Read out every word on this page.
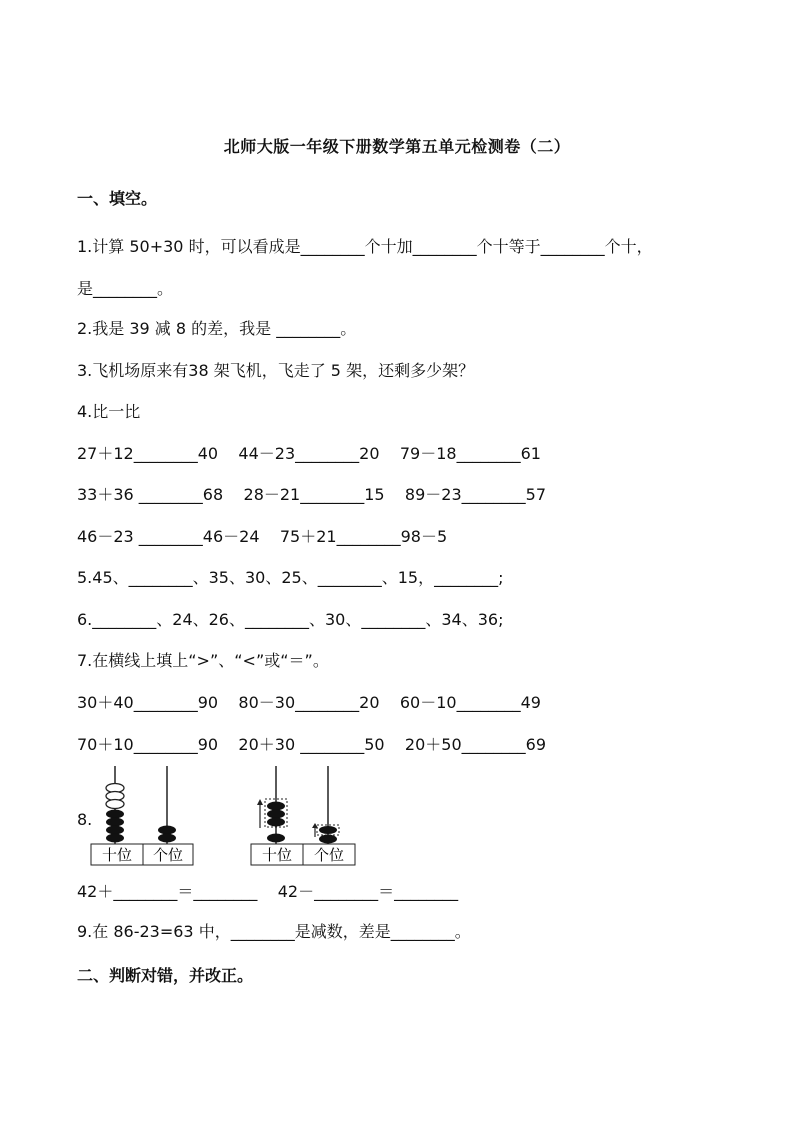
北师大版一年级下册数学第五单元检测卷（二）
一、填空。
1.计算 50+30 时，可以看成是________个十加________个十等于________个十，
是________。
2.我是 39 减 8 的差，我是 ________。
3.飞机场原来有38 架飞机，飞走了 5 架，还剩多少架？
4.比一比
27＋12________40    44－23________20    79－18________61
33＋36 ________68    28－21________15    89－23________57
46－23 ________46－24    75＋21________98－5
5.45、________、35、30、25、________、15，________;
6.________、24、26、________、30、________、34、36;
7.在横线上填上“>”、“<”或“＝”。
30＋40________90    80－30________20    60－10________49
70＋10________90    20＋30 ________50    20＋50________69
8.
十位 个位	十位 个位
42＋________＝________    42－________＝________
9.在 86-23=63 中，________是减数，差是________。
二、判断对错，并改正。
